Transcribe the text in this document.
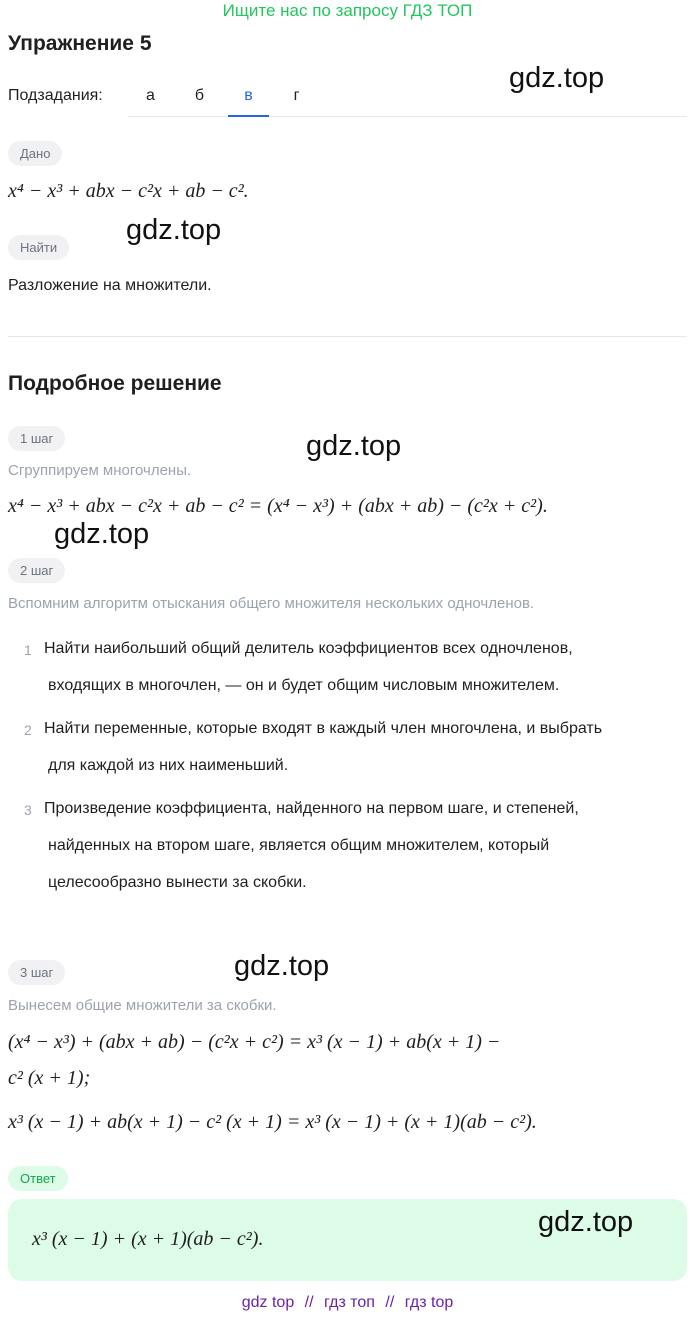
Ищите нас по запросу ГДЗ ТОП
Упражнение 5
Подзадания:	а	б	в	г
Дано
x⁴ − x³ + abx − c²x + ab − c².
Найти
Разложение на множители.
Подробное решение
1 шаг
Сгруппируем многочлены.
x⁴ − x³ + abx − c²x + ab − c² = (x⁴ − x³) + (abx + ab) − (c²x + c²).
2 шаг
Вспомним алгоритм отыскания общего множителя нескольких одночленов.
1 Найти наибольший общий делитель коэффициентов всех одночленов,
входящих в многочлен, — он и будет общим числовым множителем.
2 Найти переменные, которые входят в каждый член многочлена, и выбрать
для каждой из них наименьший.
3 Произведение коэффициента, найденного на первом шаге, и степеней,
найденных на втором шаге, является общим множителем, который
целесообразно вынести за скобки.
3 шаг
Вынесем общие множители за скобки.
(x⁴ − x³) + (abx + ab) − (c²x + c²) = x³ (x − 1) + ab(x + 1) −
c² (x + 1);
x³ (x − 1) + ab(x + 1) − c² (x + 1) = x³ (x − 1) + (x + 1)(ab − c²).
Ответ
x³ (x − 1) + (x + 1)(ab − c²).
gdz.top
gdz.top
gdz.top
gdz.top
gdz.top
gdz.top
gdz top // гдз топ // гдз top
